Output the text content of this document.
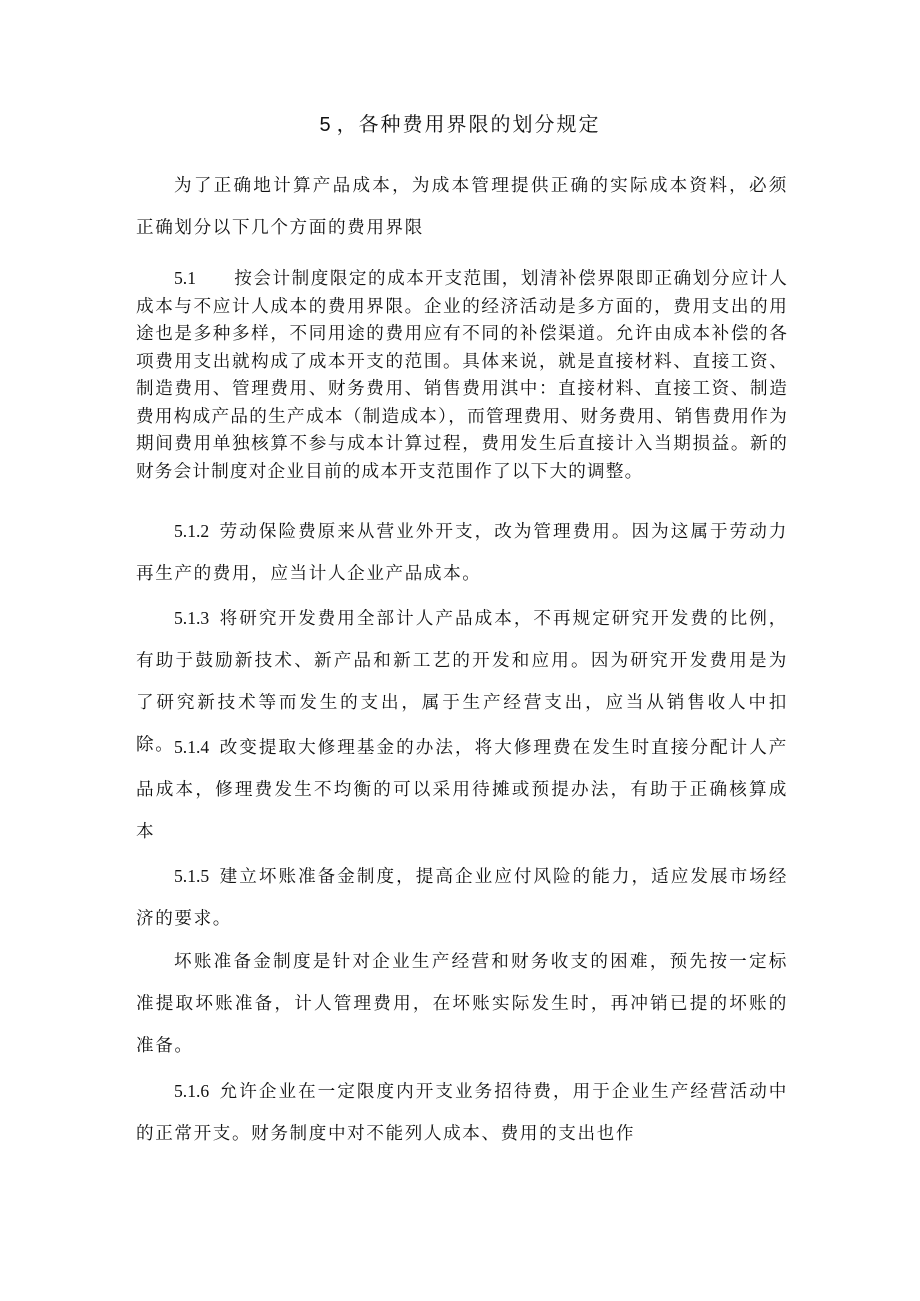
5 ，各种费用界限的划分规定

为了正确地计算产品成本，为成本管理提供正确的实际成本资料，必须正确划分以下几个方面的费用界限

5.1 按会计制度限定的成本开支范围，划清补偿界限即正确划分应计人成本与不应计人成本的费用界限。企业的经济活动是多方面的，费用支出的用途也是多种多样，不同用途的费用应有不同的补偿渠道。允许由成本补偿的各项费用支出就构成了成本开支的范围。具体来说，就是直接材料、直接工资、制造费用、管理费用、财务费用、销售费用淇中：直接材料、直接工资、制造费用构成产品的生产成本（制造成本），而管理费用、财务费用、销售费用作为期间费用单独核算不参与成本计算过程，费用发生后直接计入当期损益。新的财务会计制度对企业目前的成本开支范围作了以下大的调整。

5.1.2 劳动保险费原来从营业外开支，改为管理费用。因为这属于劳动力再生产的费用，应当计人企业产品成本。

5.1.3 将研究开发费用全部计人产品成本，不再规定研究开发费的比例，有助于鼓励新技术、新产品和新工艺的开发和应用。因为研究开发费用是为了研究新技术等而发生的支出，属于生产经营支出，应当从销售收人中扣除。 5.1.4 改变提取大修理基金的办法，将大修理费在发生时直接分配计人产品成本，修理费发生不均衡的可以采用待摊或预提办法，有助于正确核算成本

5.1.5 建立坏账准备金制度，提高企业应付风险的能力，适应发展市场经济的要求。

坏账准备金制度是针对企业生产经营和财务收支的困难，预先按一定标准提取坏账准备，计人管理费用，在坏账实际发生时，再冲销已提的坏账的准备。

5.1.6 允许企业在一定限度内开支业务招待费，用于企业生产经营活动中的正常开支。财务制度中对不能列人成本、费用的支出也作
